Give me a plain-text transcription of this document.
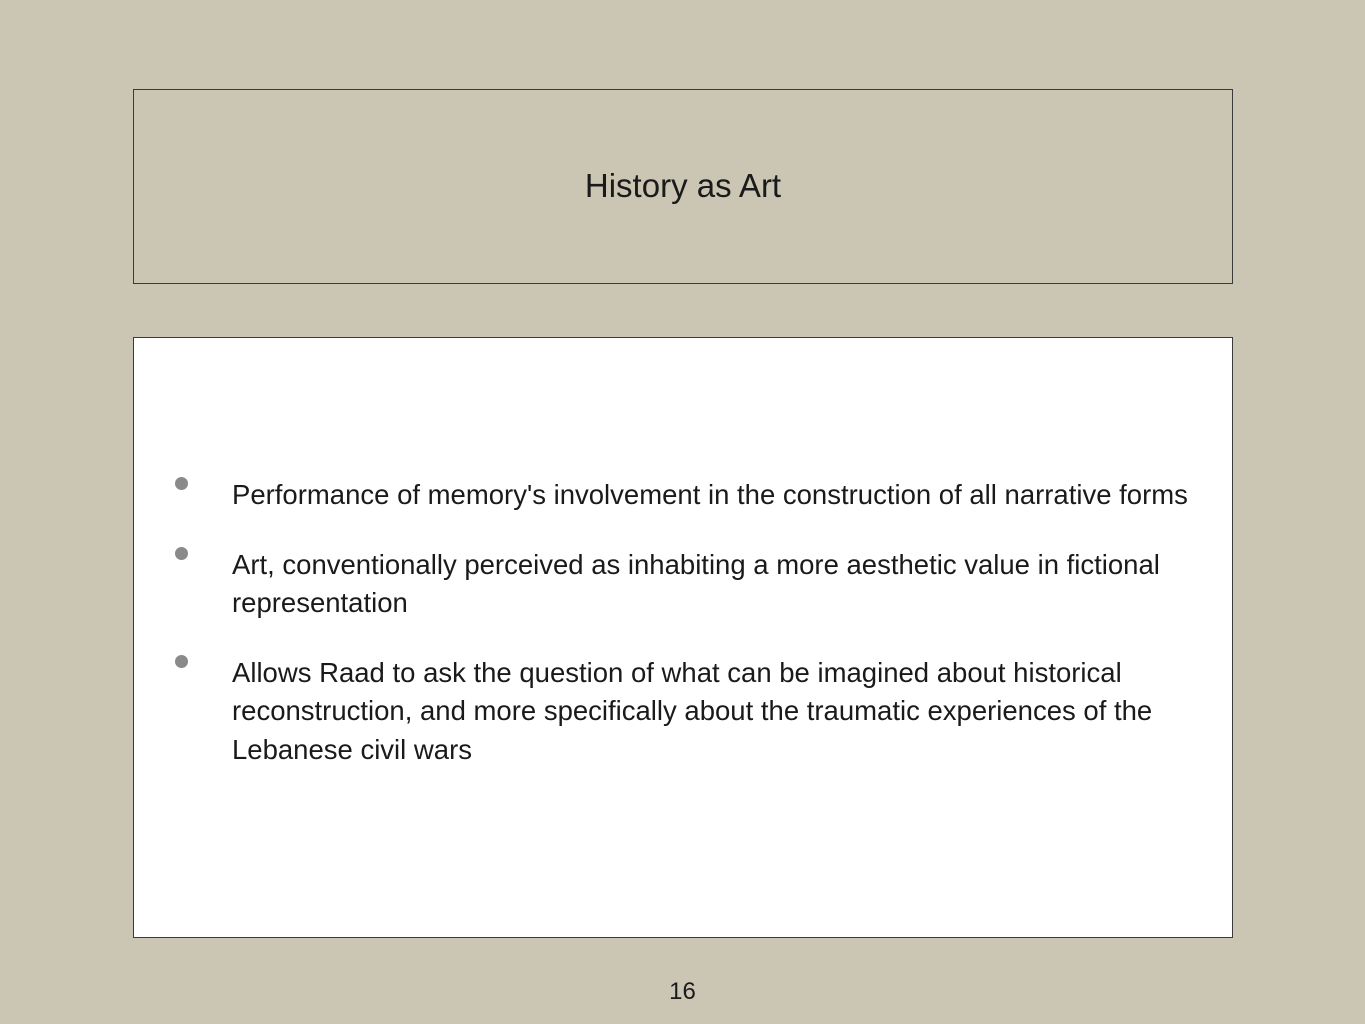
History as Art
Performance of memory's involvement in the construction of all narrative forms
Art, conventionally perceived as inhabiting a more aesthetic value in fictional representation
Allows Raad to ask the question of what can be imagined about historical reconstruction, and more specifically about the traumatic experiences of the Lebanese civil wars
16
